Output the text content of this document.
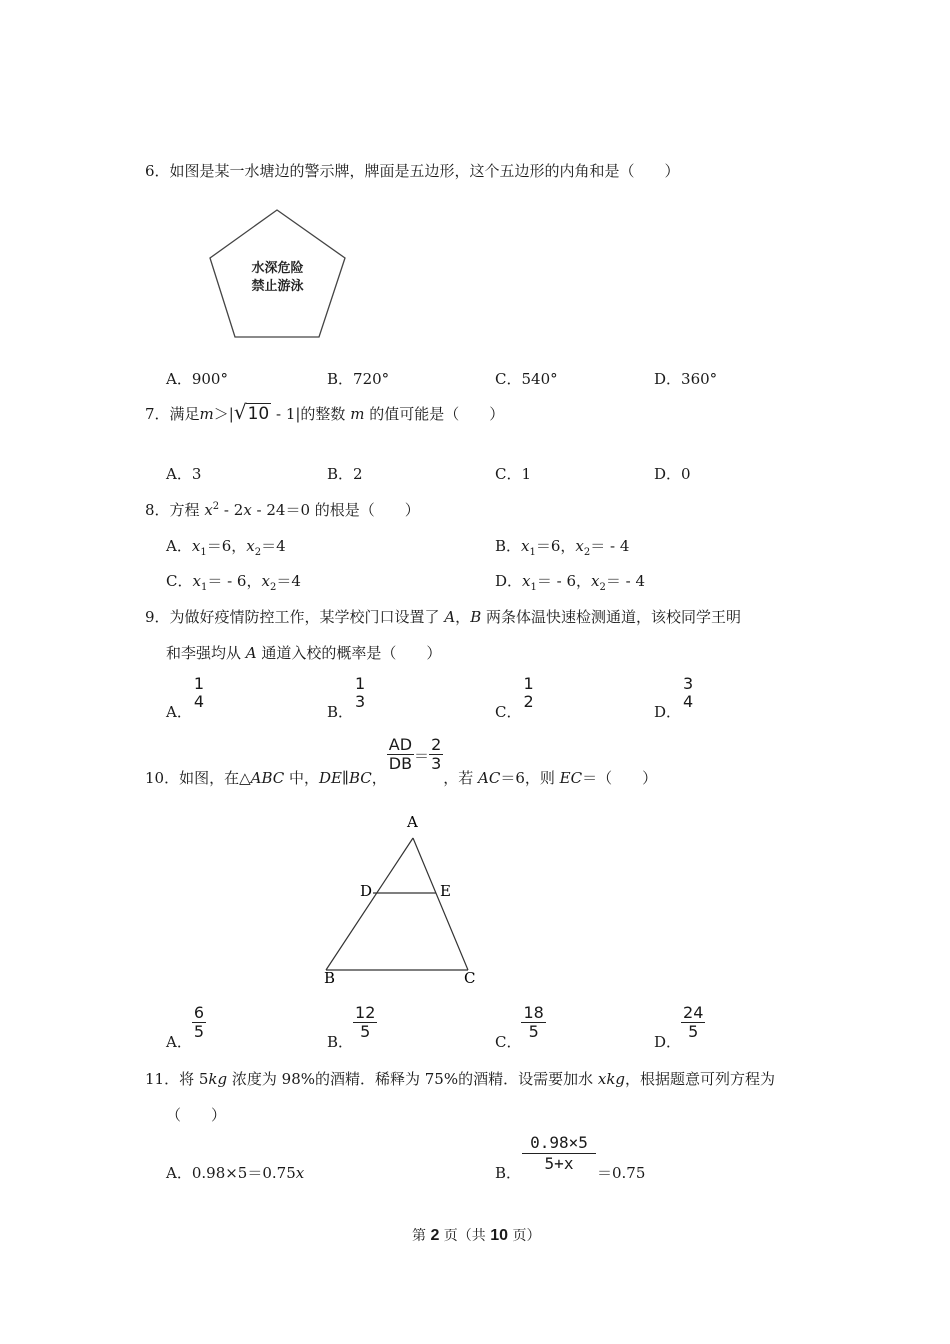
6．如图是某一水塘边的警示牌，牌面是五边形，这个五边形的内角和是（　　）
水深危险
禁止游泳
A．900°	B．720°	C．540°	D．360°
7．满足m＞|√10 - 1|的整数 m 的值可能是（　　）
A．3	B．2	C．1	D．0
8．方程 $x^2 - 2x - 24=0$ 的根是（　　）
A．$x_1=6$，$x_2=4$	B．$x_1=6$，$x_2= - 4$
C．$x_1= - 6$，$x_2=4$	D．$x_1= - 6$，$x_2= - 4$
9．为做好疫情防控工作，某学校门口设置了 A，B 两条体温快速检测通道，该校同学王明
和李强均从 A 通道入校的概率是（　　）
A．
1
4
B．
1
3
C．
1
2
D．
3
4
10．如图，在△ABC 中，DE∥BC，
$\frac{AD}{DB} = \frac{2}{3}$
，若 AC＝6，则 EC＝（　　）
A
D	E
B	C
A．
$\frac{6}{5}$
B．
$\frac{12}{5}$
C．
$\frac{18}{5}$
D．
$\frac{24}{5}$
11．将 5kg 浓度为 98%的酒精．稀释为 75%的酒精．设需要加水 xkg，根据题意可列方程为
（　　）
A．0.98×5＝0.75x	B． $\frac{0.98\times 5}{5+x} =0.75$
第 2 页（共 10 页）
